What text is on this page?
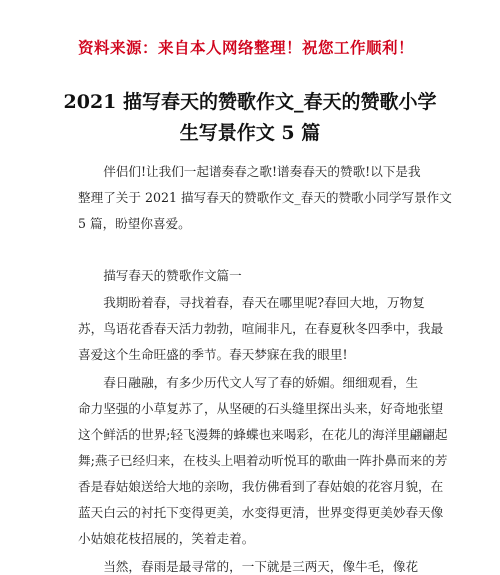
资料来源：来自本人网络整理！祝您工作顺利！
2021 描写春天的赞歌作文_春天的赞歌小学
生写景作文 5 篇
　　伴侣们!让我们一起谱奏春之歌!谱奏春天的赞歌!以下是我
整理了关于 2021 描写春天的赞歌作文_春天的赞歌小同学写景作文
5 篇，盼望你喜爱。
　　描写春天的赞歌作文篇一
　　我期盼着春，寻找着春，春天在哪里呢?春回大地，万物复
苏，鸟语花香春天活力勃勃，喧闹非凡，在春夏秋冬四季中，我最
喜爱这个生命旺盛的季节。春天梦寐在我的眼里!
　　春日融融，有多少历代文人写了春的娇媚。细细观看，生
命力坚强的小草复苏了，从坚硬的石头缝里探出头来，好奇地张望
这个鲜活的世界;轻飞漫舞的蜂蝶也来喝彩，在花儿的海洋里翩翩起
舞;燕子已经归来，在枝头上唱着动听悦耳的歌曲一阵扑鼻而来的芳
香是春姑娘送给大地的亲吻，我仿佛看到了春姑娘的花容月貌，在
蓝天白云的衬托下变得更美，水变得更清，世界变得更美妙春天像
小姑娘花枝招展的，笑着走着。
　　当然，春雨是最寻常的，一下就是三两天，像牛毛，像花
